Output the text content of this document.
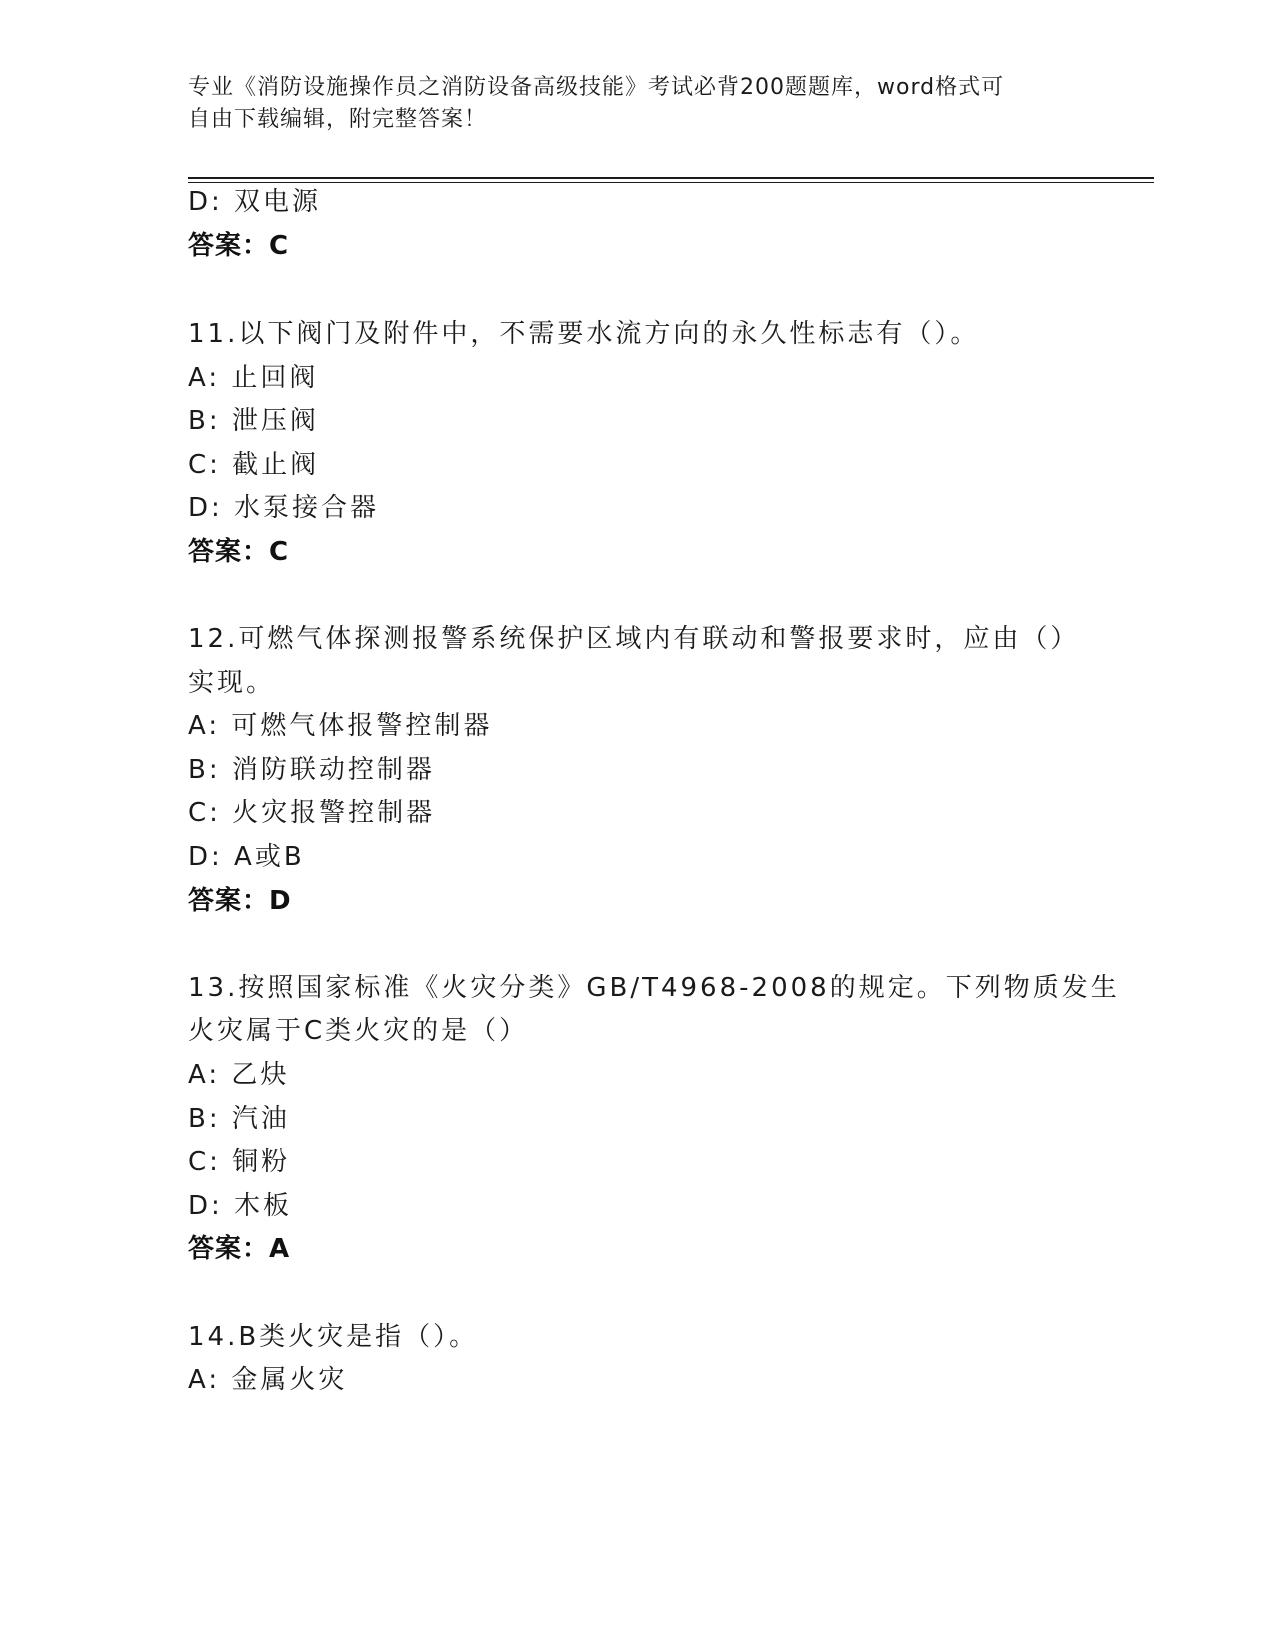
专业《消防设施操作员之消防设备高级技能》考试必背200题题库，word格式可
自由下载编辑，附完整答案！
D: 双电源
答案：C
11.以下阀门及附件中，不需要水流方向的永久性标志有（）。
A: 止回阀
B: 泄压阀
C: 截止阀
D: 水泵接合器
答案：C
12.可燃气体探测报警系统保护区域内有联动和警报要求时，应由（）
实现。
A: 可燃气体报警控制器
B: 消防联动控制器
C: 火灾报警控制器
D: A或B
答案：D
13.按照国家标准《火灾分类》GB/T4968-2008的规定。下列物质发生
火灾属于C类火灾的是（）
A: 乙炔
B: 汽油
C: 铜粉
D: 木板
答案：A
14.B类火灾是指（）。
A: 金属火灾
